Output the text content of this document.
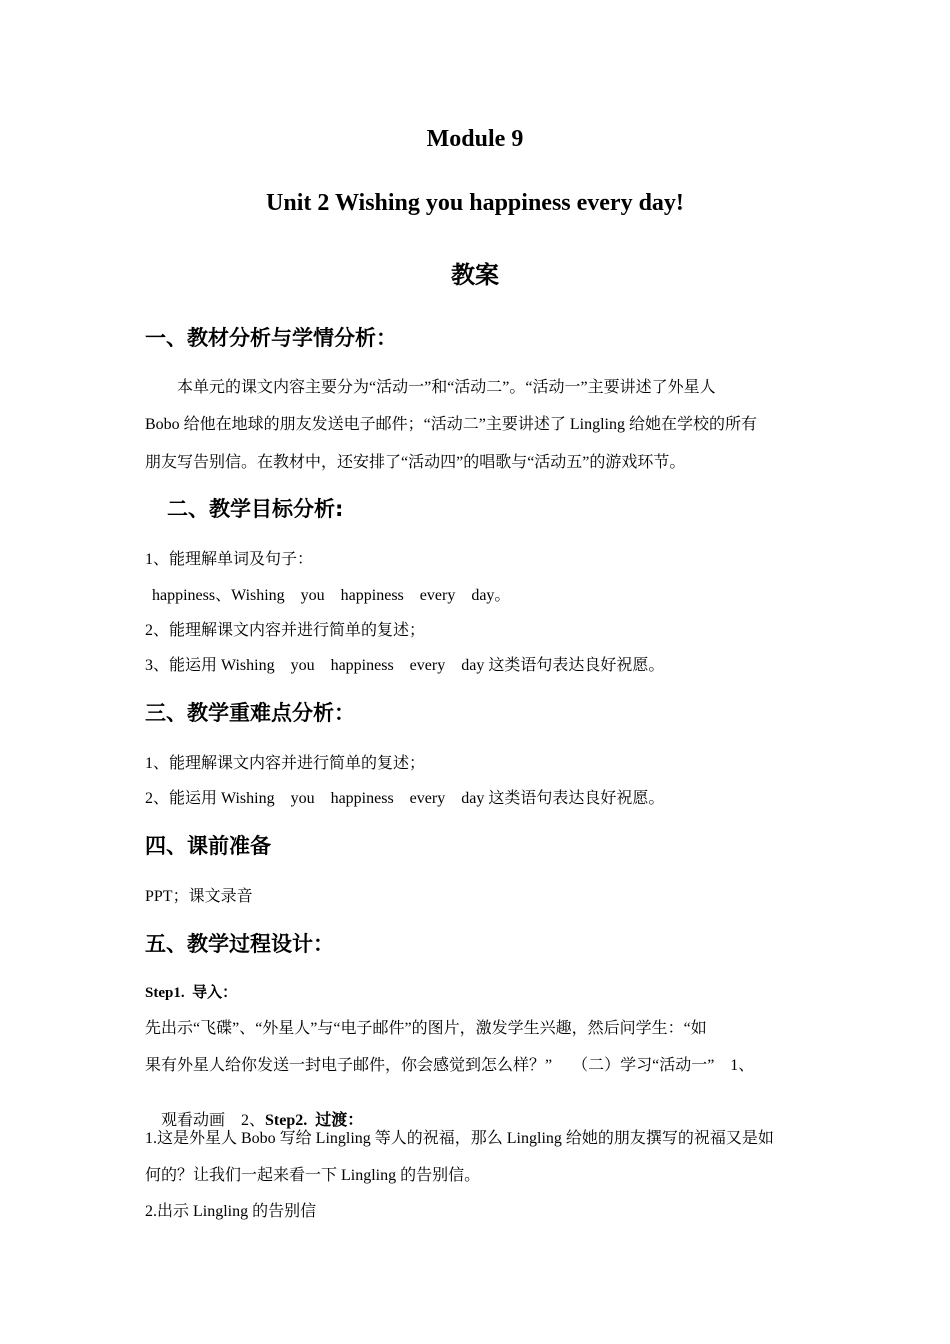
Module 9
Unit 2 Wishing you happiness every day!
教案
一、教材分析与学情分析：
本单元的课文内容主要分为“活动一”和“活动二”。“活动一”主要讲述了外星人
Bobo 给他在地球的朋友发送电子邮件；“活动二”主要讲述了 Lingling 给她在学校的所有
朋友写告别信。在教材中，还安排了“活动四”的唱歌与“活动五”的游戏环节。
二、教学目标分析:
1、能理解单词及句子：
happiness、Wishing    you    happiness    every    day。
2、能理解课文内容并进行简单的复述；
3、能运用 Wishing    you    happiness    every    day 这类语句表达良好祝愿。
三、教学重难点分析：
1、能理解课文内容并进行简单的复述；
2、能运用 Wishing    you    happiness    every    day 这类语句表达良好祝愿。
四、课前准备
PPT；课文录音
五、教学过程设计：
Step1.  导入：
先出示“飞碟”、“外星人”与“电子邮件”的图片，激发学生兴趣，然后问学生：“如
果有外星人给你发送一封电子邮件，你会感觉到怎么样？”     （二）学习“活动一”    1、

观看动画    2、Step2.  过渡：

1.这是外星人 Bobo 写给 Lingling 等人的祝福，那么 Lingling 给她的朋友撰写的祝福又是如
何的？让我们一起来看一下 Lingling 的告别信。
2.出示 Lingling 的告别信
